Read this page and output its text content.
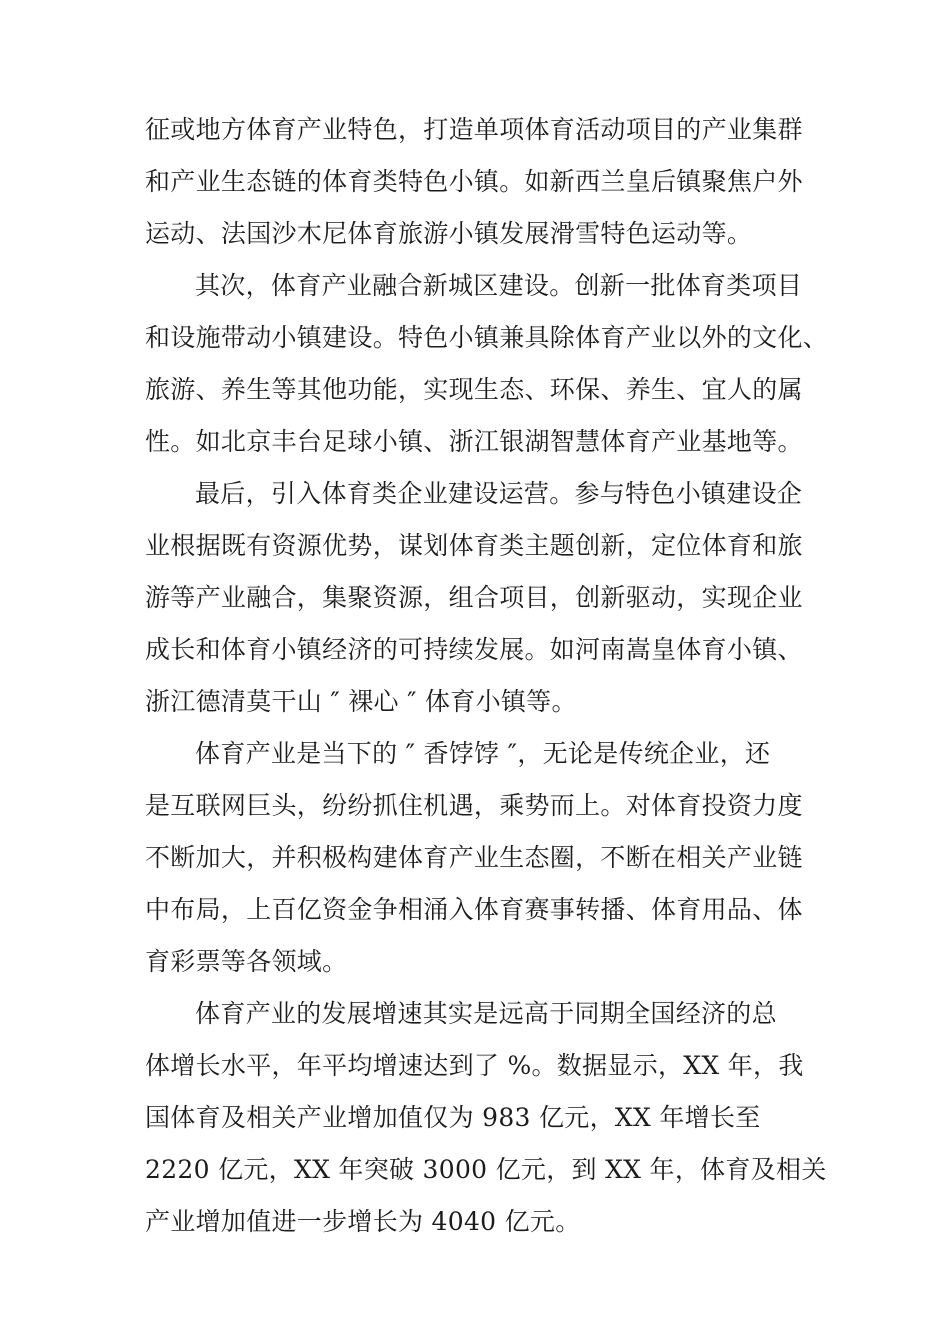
征或地方体育产业特色，打造单项体育活动项目的产业集群
和产业生态链的体育类特色小镇。如新西兰皇后镇聚焦户外
运动、法国沙木尼体育旅游小镇发展滑雪特色运动等。
其次，体育产业融合新城区建设。创新一批体育类项目
和设施带动小镇建设。特色小镇兼具除体育产业以外的文化、
旅游、养生等其他功能，实现生态、环保、养生、宜人的属
性。如北京丰台足球小镇、浙江银湖智慧体育产业基地等。
最后，引入体育类企业建设运营。参与特色小镇建设企
业根据既有资源优势，谋划体育类主题创新，定位体育和旅
游等产业融合，集聚资源，组合项目，创新驱动，实现企业
成长和体育小镇经济的可持续发展。如河南嵩皇体育小镇、
浙江德清莫干山 ″ 裸心 ″ 体育小镇等。
体育产业是当下的 ″ 香饽饽 ″，无论是传统企业，还
是互联网巨头，纷纷抓住机遇，乘势而上。对体育投资力度
不断加大，并积极构建体育产业生态圈，不断在相关产业链
中布局，上百亿资金争相涌入体育赛事转播、体育用品、体
育彩票等各领域。
体育产业的发展增速其实是远高于同期全国经济的总
体增长水平，年平均增速达到了 %。数据显示，XX 年，我
国体育及相关产业增加值仅为 983 亿元，XX 年增长至
2220 亿元，XX 年突破 3000 亿元，到 XX 年，体育及相关
产业增加值进一步增长为 4040 亿元。
